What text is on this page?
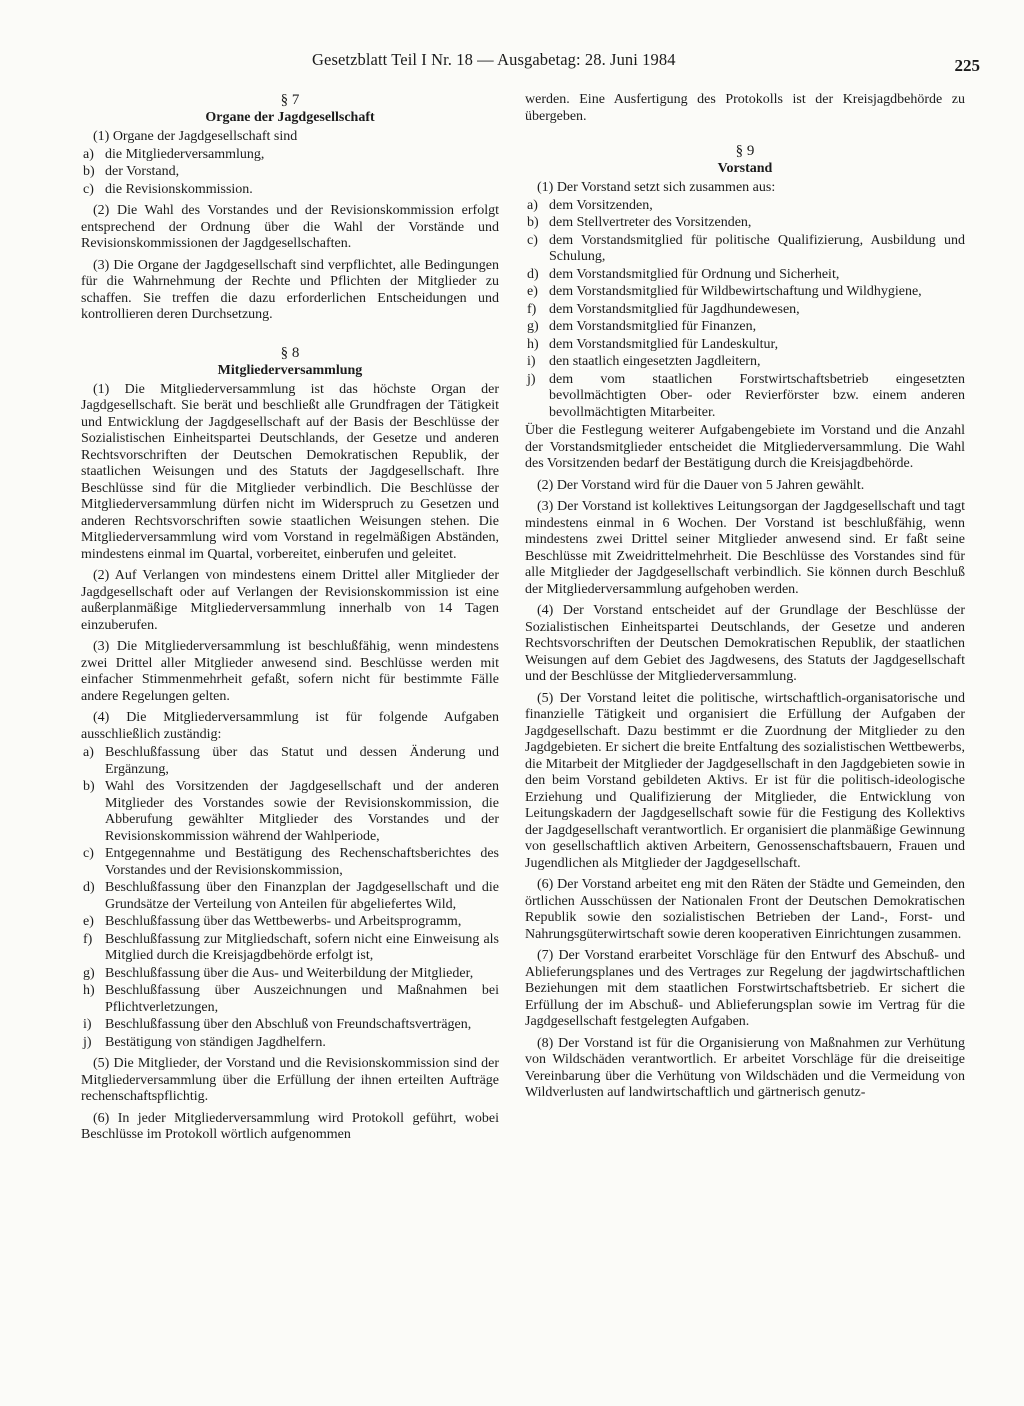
Gesetzblatt Teil I Nr. 18 — Ausgabetag: 28. Juni 1984	225
§ 7
Organe der Jagdgesellschaft

(1) Organe der Jagdgesellschaft sind

a) die Mitgliederversammlung,
b) der Vorstand,
c) die Revisionskommission.

(2) Die Wahl des Vorstandes und der Revisionskommission erfolgt entsprechend der Ordnung über die Wahl der Vorstände und Revisionskommissionen der Jagdgesellschaften.

(3) Die Organe der Jagdgesellschaft sind verpflichtet, alle Bedingungen für die Wahrnehmung der Rechte und Pflichten der Mitglieder zu schaffen. Sie treffen die dazu erforderlichen Entscheidungen und kontrollieren deren Durchsetzung.

§ 8
Mitgliederversammlung

(1) Die Mitgliederversammlung ist das höchste Organ der Jagdgesellschaft. Sie berät und beschließt alle Grundfragen der Tätigkeit und Entwicklung der Jagdgesellschaft auf der Basis der Beschlüsse der Sozialistischen Einheitspartei Deutschlands, der Gesetze und anderen Rechtsvorschriften der Deutschen Demokratischen Republik, der staatlichen Weisungen und des Statuts der Jagdgesellschaft. Ihre Beschlüsse sind für die Mitglieder verbindlich. Die Beschlüsse der Mitgliederversammlung dürfen nicht im Widerspruch zu Gesetzen und anderen Rechtsvorschriften sowie staatlichen Weisungen stehen. Die Mitgliederversammlung wird vom Vorstand in regelmäßigen Abständen, mindestens einmal im Quartal, vorbereitet, einberufen und geleitet.

(2) Auf Verlangen von mindestens einem Drittel aller Mitglieder der Jagdgesellschaft oder auf Verlangen der Revisionskommission ist eine außerplanmäßige Mitgliederversammlung innerhalb von 14 Tagen einzuberufen.

(3) Die Mitgliederversammlung ist beschlußfähig, wenn mindestens zwei Drittel aller Mitglieder anwesend sind. Beschlüsse werden mit einfacher Stimmenmehrheit gefaßt, sofern nicht für bestimmte Fälle andere Regelungen gelten.

(4) Die Mitgliederversammlung ist für folgende Aufgaben ausschließlich zuständig:

a) Beschlußfassung über das Statut und dessen Änderung und Ergänzung,
b) Wahl des Vorsitzenden der Jagdgesellschaft und der anderen Mitglieder des Vorstandes sowie der Revisionskommission, die Abberufung gewählter Mitglieder des Vorstandes und der Revisionskommission während der Wahlperiode,
c) Entgegennahme und Bestätigung des Rechenschaftsberichtes des Vorstandes und der Revisionskommission,
d) Beschlußfassung über den Finanzplan der Jagdgesellschaft und die Grundsätze der Verteilung von Anteilen für abgeliefertes Wild,
e) Beschlußfassung über das Wettbewerbs- und Arbeitsprogramm,
f) Beschlußfassung zur Mitgliedschaft, sofern nicht eine Einweisung als Mitglied durch die Kreisjagdbehörde erfolgt ist,
g) Beschlußfassung über die Aus- und Weiterbildung der Mitglieder,
h) Beschlußfassung über Auszeichnungen und Maßnahmen bei Pflichtverletzungen,
i) Beschlußfassung über den Abschluß von Freundschaftsverträgen,
j) Bestätigung von ständigen Jagdhelfern.

(5) Die Mitglieder, der Vorstand und die Revisionskommission sind der Mitgliederversammlung über die Erfüllung der ihnen erteilten Aufträge rechenschaftspflichtig.

(6) In jeder Mitgliederversammlung wird Protokoll geführt, wobei Beschlüsse im Protokoll wörtlich aufgenommen

werden. Eine Ausfertigung des Protokolls ist der Kreisjagdbehörde zu übergeben.

§ 9
Vorstand

(1) Der Vorstand setzt sich zusammen aus:

a) dem Vorsitzenden,
b) dem Stellvertreter des Vorsitzenden,
c) dem Vorstandsmitglied für politische Qualifizierung, Ausbildung und Schulung,
d) dem Vorstandsmitglied für Ordnung und Sicherheit,
e) dem Vorstandsmitglied für Wildbewirtschaftung und Wildhygiene,
f) dem Vorstandsmitglied für Jagdhundewesen,
g) dem Vorstandsmitglied für Finanzen,
h) dem Vorstandsmitglied für Landeskultur,
i) den staatlich eingesetzten Jagdleitern,
j) dem vom staatlichen Forstwirtschaftsbetrieb eingesetzten bevollmächtigten Ober- oder Revierförster bzw. einem anderen bevollmächtigten Mitarbeiter.

Über die Festlegung weiterer Aufgabengebiete im Vorstand und die Anzahl der Vorstandsmitglieder entscheidet die Mitgliederversammlung. Die Wahl des Vorsitzenden bedarf der Bestätigung durch die Kreisjagdbehörde.

(2) Der Vorstand wird für die Dauer von 5 Jahren gewählt.

(3) Der Vorstand ist kollektives Leitungsorgan der Jagdgesellschaft und tagt mindestens einmal in 6 Wochen. Der Vorstand ist beschlußfähig, wenn mindestens zwei Drittel seiner Mitglieder anwesend sind. Er faßt seine Beschlüsse mit Zweidrittelmehrheit. Die Beschlüsse des Vorstandes sind für alle Mitglieder der Jagdgesellschaft verbindlich. Sie können durch Beschluß der Mitgliederversammlung aufgehoben werden.

(4) Der Vorstand entscheidet auf der Grundlage der Beschlüsse der Sozialistischen Einheitspartei Deutschlands, der Gesetze und anderen Rechtsvorschriften der Deutschen Demokratischen Republik, der staatlichen Weisungen auf dem Gebiet des Jagdwesens, des Statuts der Jagdgesellschaft und der Beschlüsse der Mitgliederversammlung.

(5) Der Vorstand leitet die politische, wirtschaftlich-organisatorische und finanzielle Tätigkeit und organisiert die Erfüllung der Aufgaben der Jagdgesellschaft. Dazu bestimmt er die Zuordnung der Mitglieder zu den Jagdgebieten. Er sichert die breite Entfaltung des sozialistischen Wettbewerbs, die Mitarbeit der Mitglieder der Jagdgesellschaft in den Jagdgebieten sowie in den beim Vorstand gebildeten Aktivs. Er ist für die politisch-ideologische Erziehung und Qualifizierung der Mitglieder, die Entwicklung von Leitungskadern der Jagdgesellschaft sowie für die Festigung des Kollektivs der Jagdgesellschaft verantwortlich. Er organisiert die planmäßige Gewinnung von gesellschaftlich aktiven Arbeitern, Genossenschaftsbauern, Frauen und Jugendlichen als Mitglieder der Jagdgesellschaft.

(6) Der Vorstand arbeitet eng mit den Räten der Städte und Gemeinden, den örtlichen Ausschüssen der Nationalen Front der Deutschen Demokratischen Republik sowie den sozialistischen Betrieben der Land-, Forst- und Nahrungsgüterwirtschaft sowie deren kooperativen Einrichtungen zusammen.

(7) Der Vorstand erarbeitet Vorschläge für den Entwurf des Abschuß- und Ablieferungsplanes und des Vertrages zur Regelung der jagdwirtschaftlichen Beziehungen mit dem staatlichen Forstwirtschaftsbetrieb. Er sichert die Erfüllung der im Abschuß- und Ablieferungsplan sowie im Vertrag für die Jagdgesellschaft festgelegten Aufgaben.

(8) Der Vorstand ist für die Organisierung von Maßnahmen zur Verhütung von Wildschäden verantwortlich. Er arbeitet Vorschläge für die dreiseitige Vereinbarung über die Verhütung von Wildschäden und die Vermeidung von Wildverlusten auf landwirtschaftlich und gärtnerisch genutz-
